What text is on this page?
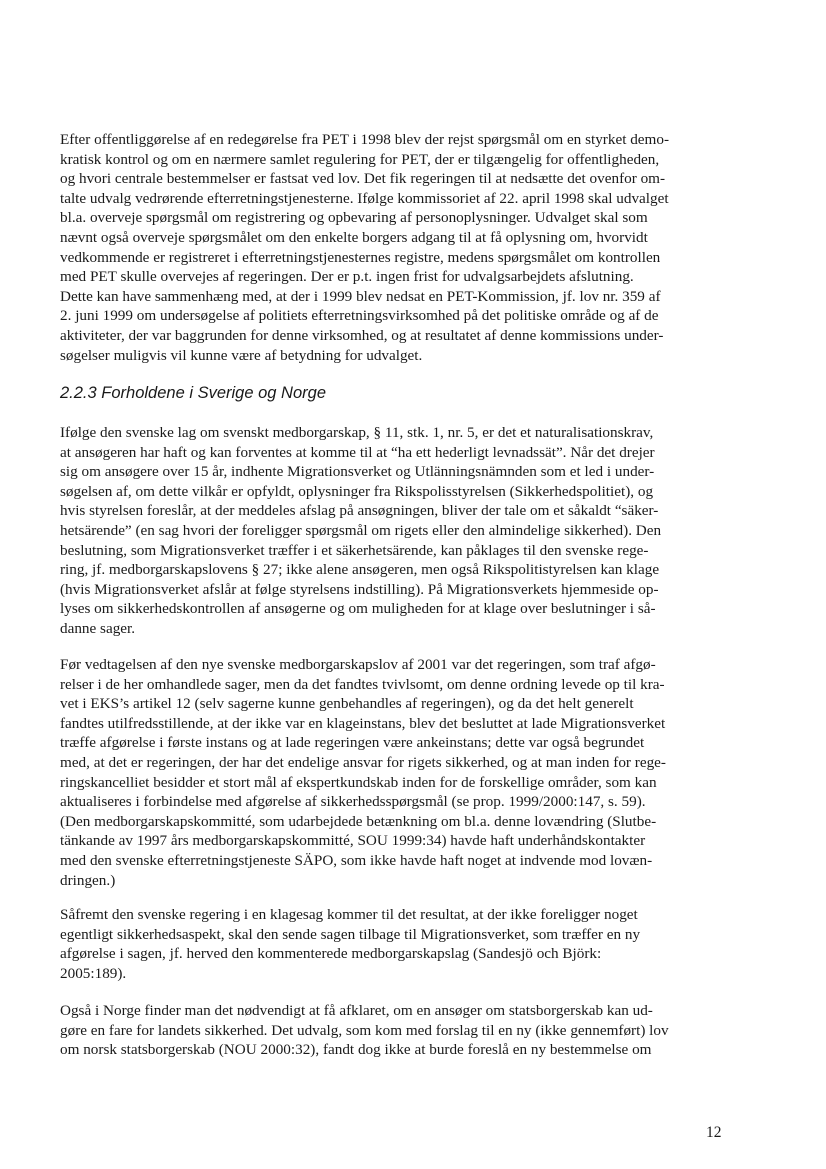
Efter offentliggørelse af en redegørelse fra PET i 1998 blev der rejst spørgsmål om en styrket demo-
kratisk kontrol og om en nærmere samlet regulering for PET, der er tilgængelig for offentligheden,
og hvori centrale bestemmelser er fastsat ved lov. Det fik regeringen til at nedsætte det ovenfor om-
talte udvalg vedrørende efterretningstjenesterne. Ifølge kommissoriet af 22. april 1998 skal udvalget
bl.a. overveje spørgsmål om registrering og opbevaring af personoplysninger. Udvalget skal som
nævnt også overveje spørgsmålet om den enkelte borgers adgang til at få oplysning om, hvorvidt
vedkommende er registreret i efterretningstjenesternes registre, medens spørgsmålet om kontrollen
med PET skulle overvejes af regeringen. Der er p.t. ingen frist for udvalgsarbejdets afslutning.
Dette kan have sammenhæng med, at der i 1999 blev nedsat en PET-Kommission, jf. lov nr. 359 af
2. juni 1999 om undersøgelse af politiets efterretningsvirksomhed på det politiske område og af de
aktiviteter, der var baggrunden for denne virksomhed, og at resultatet af denne kommissions under-
søgelser muligvis vil kunne være af betydning for udvalget.
2.2.3 Forholdene i Sverige og Norge
Ifølge den svenske lag om svenskt medborgarskap, § 11, stk. 1, nr. 5, er det et naturalisationskrav,
at ansøgeren har haft og kan forventes at komme til at “ha ett hederligt levnadssät”. Når det drejer
sig om ansøgere over 15 år, indhente Migrationsverket og Utlänningsnämnden som et led i under-
søgelsen af, om dette vilkår er opfyldt, oplysninger fra Rikspolisstyrelsen (Sikkerhedspolitiet), og
hvis styrelsen foreslår, at der meddeles afslag på ansøgningen, bliver der tale om et såkaldt “säker-
hetsärende” (en sag hvori der foreligger spørgsmål om rigets eller den almindelige sikkerhed). Den
beslutning, som Migrationsverket træffer i et säkerhetsärende, kan påklages til den svenske rege-
ring, jf. medborgarskapslovens § 27; ikke alene ansøgeren, men også Rikspolitistyrelsen kan klage
(hvis Migrationsverket afslår at følge styrelsens indstilling). På Migrationsverkets hjemmeside op-
lyses om sikkerhedskontrollen af ansøgerne og om muligheden for at klage over beslutninger i så-
danne sager.
Før vedtagelsen af den nye svenske medborgarskapslov af 2001 var det regeringen, som traf afgø-
relser i de her omhandlede sager, men da det fandtes tvivlsomt, om denne ordning levede op til kra-
vet i EKS’s artikel 12 (selv sagerne kunne genbehandles af regeringen), og da det helt generelt
fandtes utilfredsstillende, at der ikke var en klageinstans, blev det besluttet at lade Migrationsverket
træffe afgørelse i første instans og at lade regeringen være ankeinstans; dette var også begrundet
med, at det er regeringen, der har det endelige ansvar for rigets sikkerhed, og at man inden for rege-
ringskancelliet besidder et stort mål af ekspertkundskab inden for de forskellige områder, som kan
aktualiseres i forbindelse med afgørelse af sikkerhedsspørgsmål (se prop. 1999/2000:147, s. 59).
(Den medborgarskapskommitté, som udarbejdede betænkning om bl.a. denne lovændring (Slutbe-
tänkande av 1997 års medborgarskapskommitté, SOU 1999:34) havde haft underhåndskontakter
med den svenske efterretningstjeneste SÄPO, som ikke havde haft noget at indvende mod lovæn-
dringen.)
Såfremt den svenske regering i en klagesag kommer til det resultat, at der ikke foreligger noget
egentligt sikkerhedsaspekt, skal den sende sagen tilbage til Migrationsverket, som træffer en ny
afgørelse i sagen, jf. herved den kommenterede medborgarskapslag (Sandesjö och Björk:
2005:189).
Også i Norge finder man det nødvendigt at få afklaret, om en ansøger om statsborgerskab kan ud-
gøre en fare for landets sikkerhed. Det udvalg, som kom med forslag til en ny (ikke gennemført) lov
om norsk statsborgerskab (NOU 2000:32), fandt dog ikke at burde foreslå en ny bestemmelse om
12
